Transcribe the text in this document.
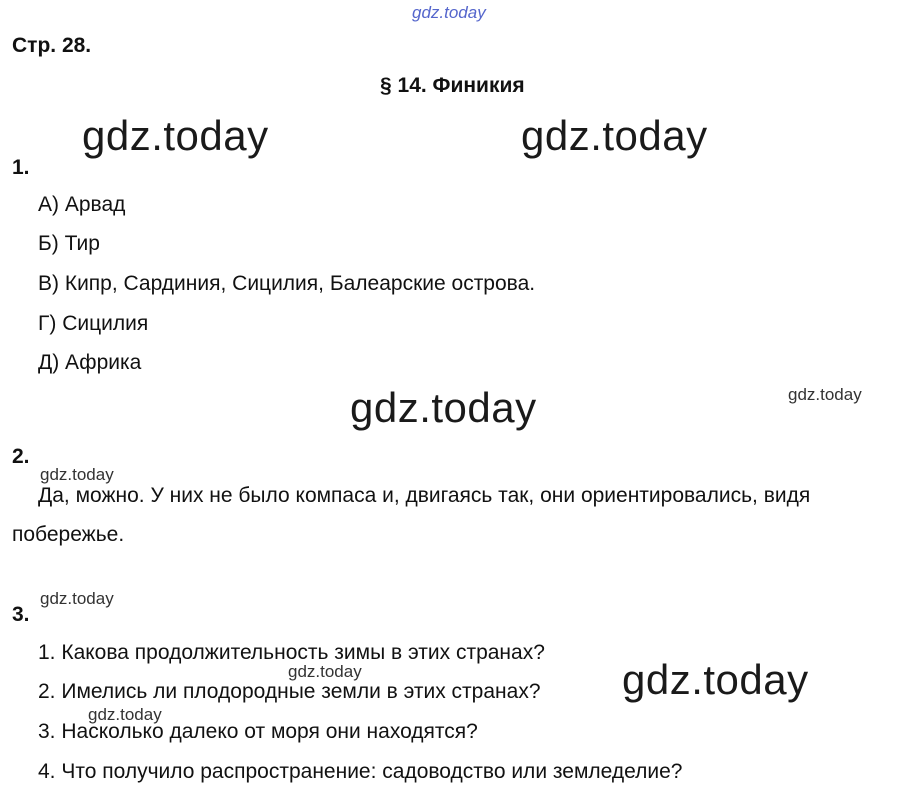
gdz.today
Стр. 28.
§ 14. Финикия
gdz.today	gdz.today
gdz.today
gdz.today
gdz.today
gdz.today
gdz.today
gdz.today
gdz.today
1.
А) Арвад
Б) Тир
В) Кипр, Сардиния, Сицилия, Балеарские острова.
Г) Сицилия
Д) Африка
2.
Да, можно. У них не было компаса и, двигаясь так, они ориентировались, видя
побережье.
3.
1. Какова продолжительность зимы в этих странах?
2. Имелись ли плодородные земли в этих странах?
3. Насколько далеко от моря они находятся?
4. Что получило распространение: садоводство или земледелие?
